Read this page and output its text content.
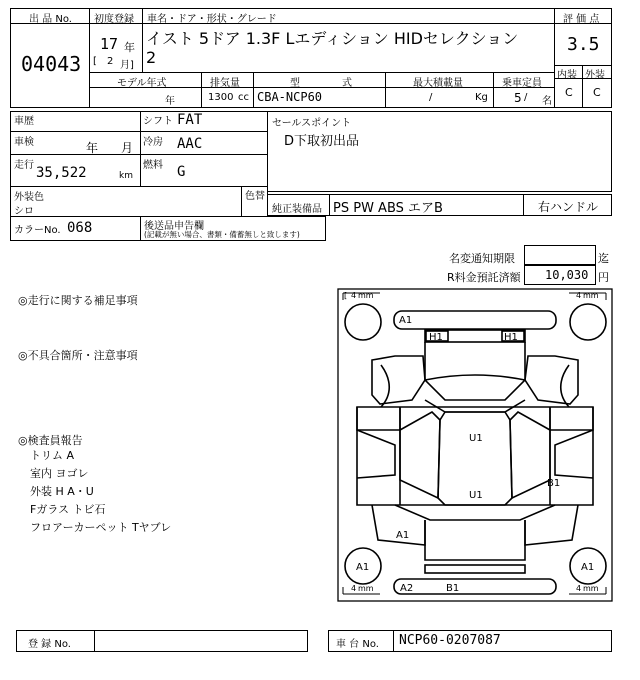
出 品 No.
04043
初度登録
17 年
[ 2 月]
車名・ドア・形状・グレード
イスト 5ドア 1.3F Lエディション HIDセレクション
2
評 価 点
3.5
内装 外装
C C
モデル年式
年
排気量
1300 cc
型	式
CBA-NCP60
最大積載量
/	Kg
乗車定員
5 / 名
車歴
車検	年 月
走行 35,522	km
シフト FAT
冷房 AAC
燃料 G
セールスポイント
D下取初出品
外装色
シロ
色替
純正装備品 PS PW ABS エアB	右ハンドル
カラーNo. 068	後送品申告欄
(記載が無い場合、書類・備蓄無しと致します)
名変通知期限	迄
R料金預託済額 10,030 円
◎走行に関する補足事項
◎不具合箇所・注意事項
◎検査員報告
トリム A
室内 ヨゴレ
外装 H A・U
Fガラス トビ石
フロアーカーペット Tヤブレ
[ 4 mm	4 mm
4 mm	4 mm
A1
H1	H1
U1
U1
B1
A1
A1	A1
A2	B1
登 録 No.	車 台 No. NCP60-0207087
